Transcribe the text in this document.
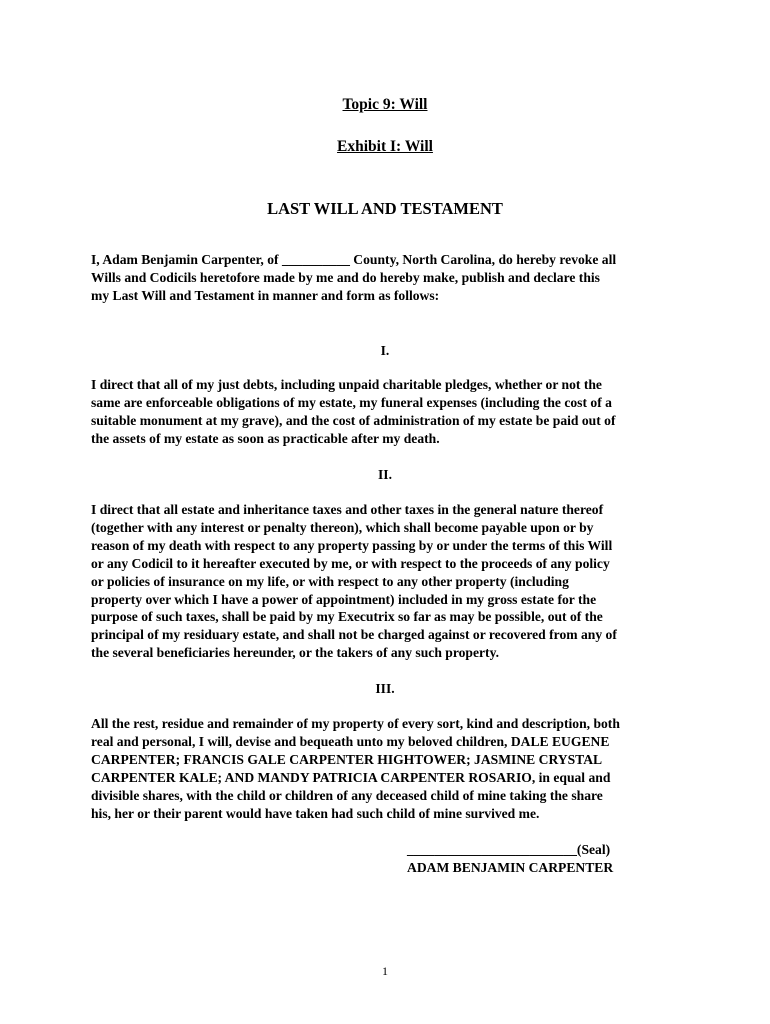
Topic 9: Will
Exhibit I: Will
LAST WILL AND TESTAMENT
I, Adam Benjamin Carpenter, of __________ County, North Carolina, do hereby revoke all
Wills and Codicils heretofore made by me and do hereby make, publish and declare this
my Last Will and Testament in manner and form as follows:
I.
I direct that all of my just debts, including unpaid charitable pledges, whether or not the
same are enforceable obligations of my estate, my funeral expenses (including the cost of a
suitable monument at my grave), and the cost of administration of my estate be paid out of
the assets of my estate as soon as practicable after my death.
II.
I direct that all estate and inheritance taxes and other taxes in the general nature thereof
(together with any interest or penalty thereon), which shall become payable upon or by
reason of my death with respect to any property passing by or under the terms of this Will
or any Codicil to it hereafter executed by me, or with respect to the proceeds of any policy
or policies of insurance on my life, or with respect to any other property (including
property over which I have a power of appointment) included in my gross estate for the
purpose of such taxes, shall be paid by my Executrix so far as may be possible, out of the
principal of my residuary estate, and shall not be charged against or recovered from any of
the several beneficiaries hereunder, or the takers of any such property.
III.
All the rest, residue and remainder of my property of every sort, kind and description, both
real and personal, I will, devise and bequeath unto my beloved children, DALE EUGENE
CARPENTER; FRANCIS GALE CARPENTER HIGHTOWER; JASMINE CRYSTAL
CARPENTER KALE; AND MANDY PATRICIA CARPENTER ROSARIO, in equal and
divisible shares, with the child or children of any deceased child of mine taking the share
his, her or their parent would have taken had such child of mine survived me.
_________________________(Seal)
ADAM BENJAMIN CARPENTER
1
